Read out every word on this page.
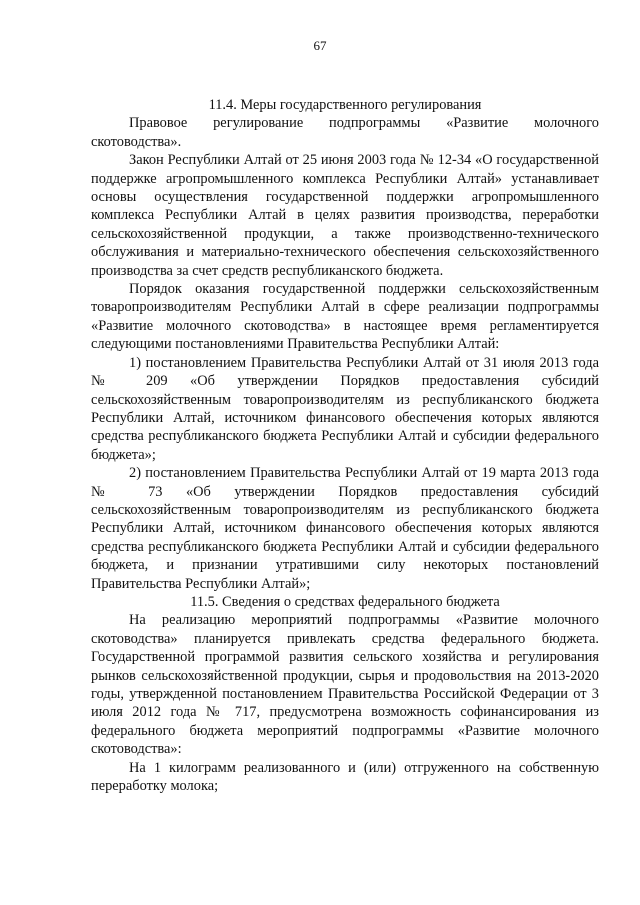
67
11.4. Меры государственного регулирования

Правовое регулирование подпрограммы «Развитие молочного скотоводства».

Закон Республики Алтай от 25 июня 2003 года № 12-34 «О государственной поддержке агропромышленного комплекса Республики Алтай» устанавливает основы осуществления государственной поддержки агропромышленного комплекса Республики Алтай в целях развития производства, переработки сельскохозяйственной продукции, а также производственно-технического обслуживания и материально-технического обеспечения сельскохозяйственного производства за счет средств республиканского бюджета.

Порядок оказания государственной поддержки сельскохозяйственным товаропроизводителям Республики Алтай в сфере реализации подпрограммы «Развитие молочного скотоводства» в настоящее время регламентируется следующими постановлениями Правительства Республики Алтай:

1) постановлением Правительства Республики Алтай от 31 июля 2013 года № 209 «Об утверждении Порядков предоставления субсидий сельскохозяйственным товаропроизводителям из республиканского бюджета Республики Алтай, источником финансового обеспечения которых являются средства республиканского бюджета Республики Алтай и субсидии федерального бюджета»;

2) постановлением Правительства Республики Алтай от 19 марта 2013 года № 73 «Об утверждении Порядков предоставления субсидий сельскохозяйственным товаропроизводителям из республиканского бюджета Республики Алтай, источником финансового обеспечения которых являются средства республиканского бюджета Республики Алтай и субсидии федерального бюджета, и признании утратившими силу некоторых постановлений Правительства Республики Алтай»;

11.5. Сведения о средствах федерального бюджета

На реализацию мероприятий подпрограммы «Развитие молочного скотоводства» планируется привлекать средства федерального бюджета. Государственной программой развития сельского хозяйства и регулирования рынков сельскохозяйственной продукции, сырья и продовольствия на 2013-2020 годы, утвержденной постановлением Правительства Российской Федерации от 3 июля 2012 года № 717, предусмотрена возможность софинансирования из федерального бюджета мероприятий подпрограммы «Развитие молочного скотоводства»:

На 1 килограмм реализованного и (или) отгруженного на собственную переработку молока;
